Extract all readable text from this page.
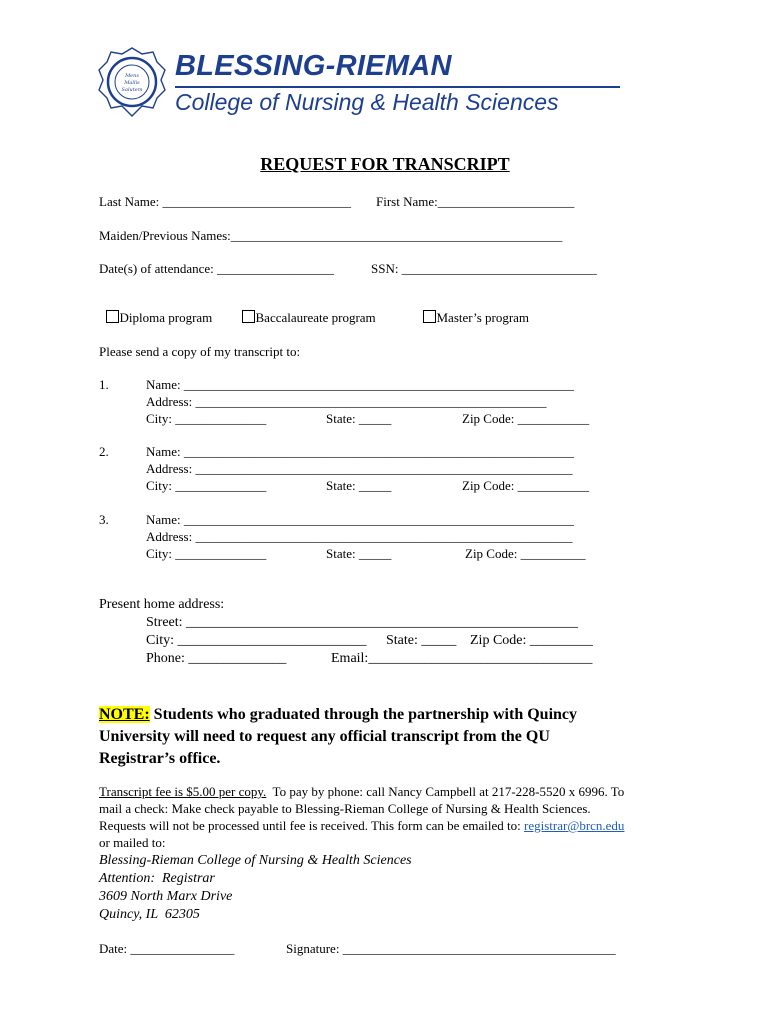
Mens
Mallis
Salutem
BLESSING-RIEMAN
College of Nursing & Health Sciences
REQUEST FOR TRANSCRIPT
Last Name: _____________________________ First Name:_____________________
Maiden/Previous Names:___________________________________________________
Date(s) of attendance: __________________	SSN: ______________________________

Diploma program	Baccalaureate program	Master’s program

Please send a copy of my transcript to:
1.	Name: ____________________________________________________________
Address: ______________________________________________________
City: ______________	State: _____	Zip Code: ___________
2.	Name: ____________________________________________________________
Address: __________________________________________________________
City: ______________	State: _____	Zip Code: ___________
3.	Name: ____________________________________________________________
Address: __________________________________________________________
City: ______________	State: _____	Zip Code: __________
Present home address:
Street: ________________________________________________________
City: ___________________________ State: _____ Zip Code: _________
Phone: ______________	Email:________________________________
NOTE: Students who graduated through the partnership with Quincy
University will need to request any official transcript from the QU
Registrar’s office.
Transcript fee is $5.00 per copy.  To pay by phone: call Nancy Campbell at 217-228-5520 x 6996. To
mail a check: Make check payable to Blessing-Rieman College of Nursing & Health Sciences.
Requests will not be processed until fee is received. This form can be emailed to: registrar@brcn.edu
or mailed to:
Blessing-Rieman College of Nursing & Health Sciences
Attention:  Registrar
3609 North Marx Drive
Quincy, IL  62305
Date: ________________	Signature: __________________________________________
